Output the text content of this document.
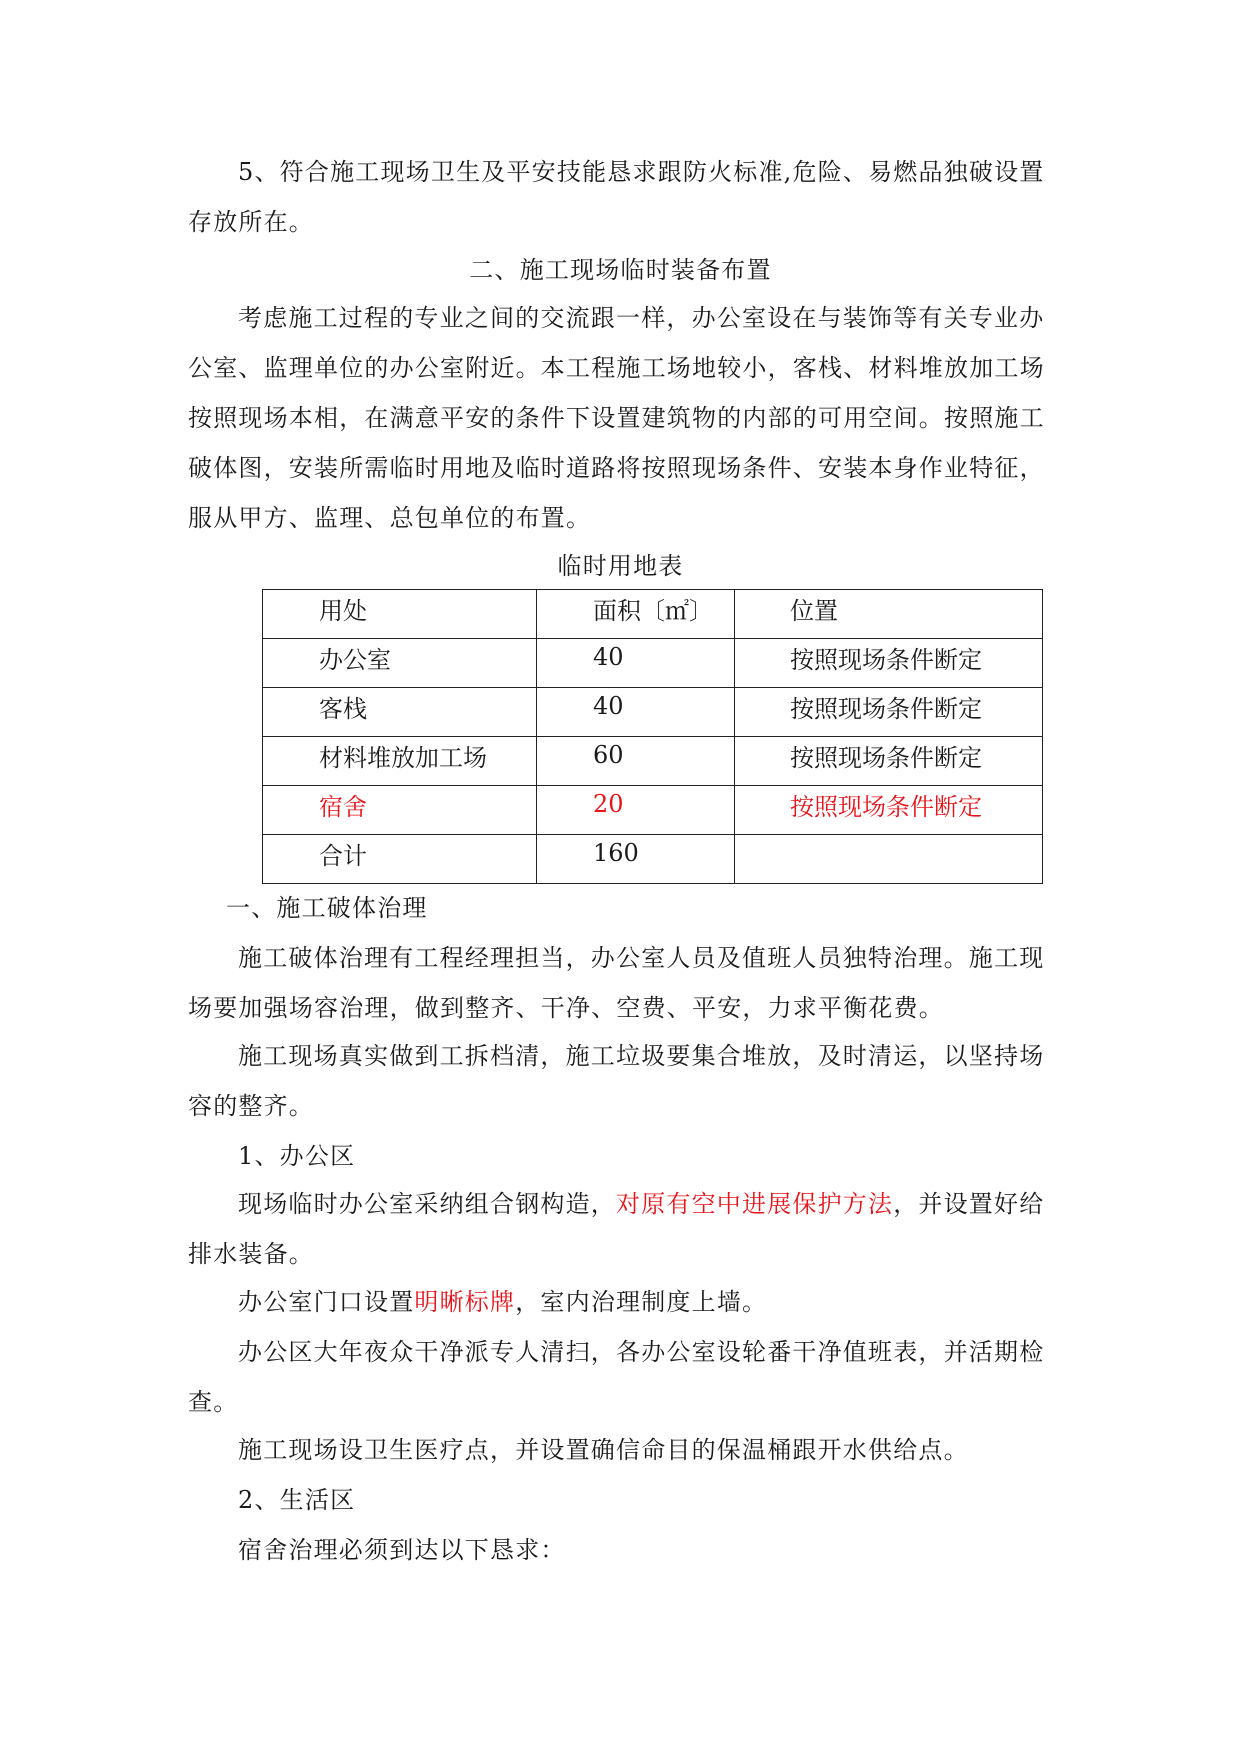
5、符合施工现场卫生及平安技能恳求跟防火标准,危险、易燃品独破设置
存放所在。
二、施工现场临时装备布置
考虑施工过程的专业之间的交流跟一样，办公室设在与装饰等有关专业办
公室、监理单位的办公室附近。本工程施工场地较小，客栈、材料堆放加工场
按照现场本相，在满意平安的条件下设置建筑物的内部的可用空间。按照施工
破体图，安装所需临时用地及临时道路将按照现场条件、安装本身作业特征，
服从甲方、监理、总包单位的布置。
临时用地表
用处	面积〔㎡〕	位置

办公室	40	按照现场条件断定

客栈	40	按照现场条件断定

材料堆放加工场	60	按照现场条件断定

宿舍	20	按照现场条件断定

合计	160	

一、施工破体治理
施工破体治理有工程经理担当，办公室人员及值班人员独特治理。施工现
场要加强场容治理，做到整齐、干净、空费、平安，力求平衡花费。
施工现场真实做到工拆档清，施工垃圾要集合堆放，及时清运，以坚持场
容的整齐。
1、办公区
现场临时办公室采纳组合钢构造，对原有空中进展保护方法，并设置好给
排水装备。
办公室门口设置明晰标牌，室内治理制度上墙。
办公区大年夜众干净派专人清扫，各办公室设轮番干净值班表，并活期检
查。
施工现场设卫生医疗点，并设置确信命目的保温桶跟开水供给点。
2、生活区
宿舍治理必须到达以下恳求：
